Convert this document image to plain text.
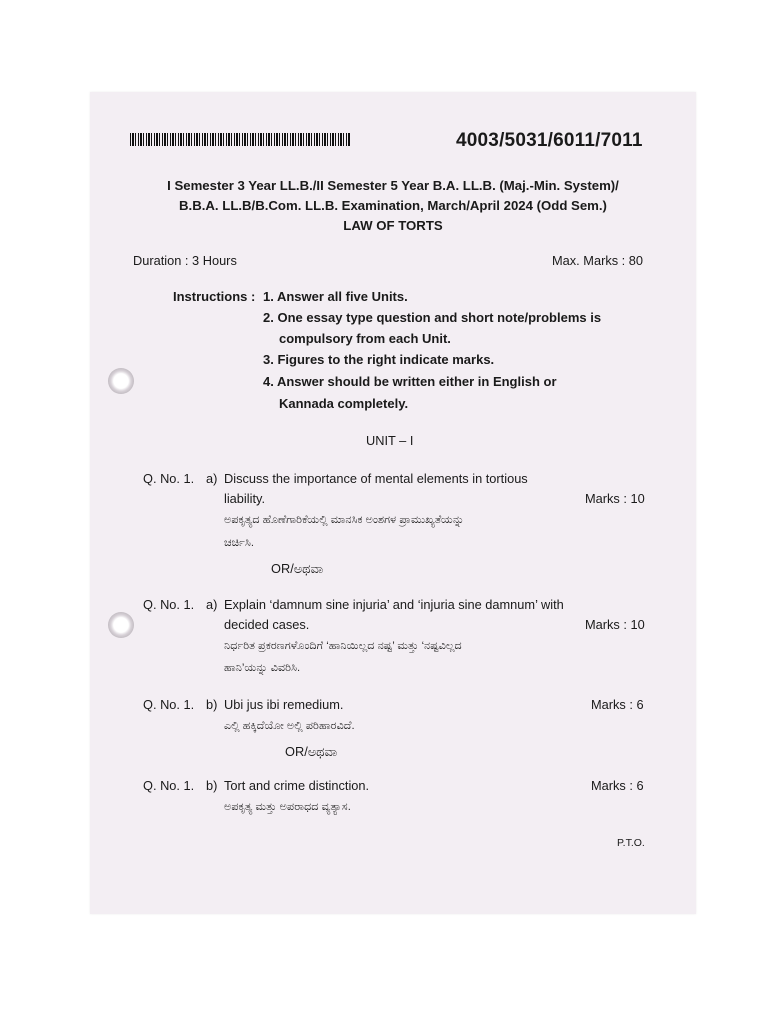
4003/5031/6011/7011
I Semester 3 Year LL.B./II Semester 5 Year B.A. LL.B. (Maj.-Min. System)/
B.B.A. LL.B/B.Com. LL.B. Examination, March/April 2024 (Odd Sem.)
LAW OF TORTS
Duration : 3 Hours	Max. Marks : 80
Instructions : 1. Answer all five Units.
2. One essay type question and short note/problems is
compulsory from each Unit.
3. Figures to the right indicate marks.
4. Answer should be written either in English or
Kannada completely.
UNIT – I
Q. No. 1. a) Discuss the importance of mental elements in tortious
liability.	Marks : 10
ಅಪಕೃತ್ಯದ ಹೊಣೆಗಾರಿಕೆಯಲ್ಲಿ ಮಾನಸಿಕ ಅಂಶಗಳ ಪ್ರಾಮುಖ್ಯತೆಯನ್ನು
ಚರ್ಚಿಸಿ.
OR/ಅಥವಾ
Q. No. 1. a) Explain ‘damnum sine injuria’ and ‘injuria sine damnum’ with
decided cases.	Marks : 10
ನಿರ್ಧರಿತ ಪ್ರಕರಣಗಳೊಂದಿಗೆ ‘ಹಾನಿಯಿಲ್ಲದ ನಷ್ಟ’ ಮತ್ತು ‘ನಷ್ಟವಿಲ್ಲದ
ಹಾನಿ’ಯನ್ನು ವಿವರಿಸಿ.
Q. No. 1. b) Ubi jus ibi remedium.	Marks : 6
ಎಲ್ಲಿ ಹಕ್ಕಿದೆಯೋ ಅಲ್ಲಿ ಪರಿಹಾರವಿದೆ.
OR/ಅಥವಾ
Q. No. 1. b) Tort and crime distinction.	Marks : 6
ಅಪಕೃತ್ಯ ಮತ್ತು ಅಪರಾಧದ ವ್ಯತ್ಯಾಸ.
P.T.O.
